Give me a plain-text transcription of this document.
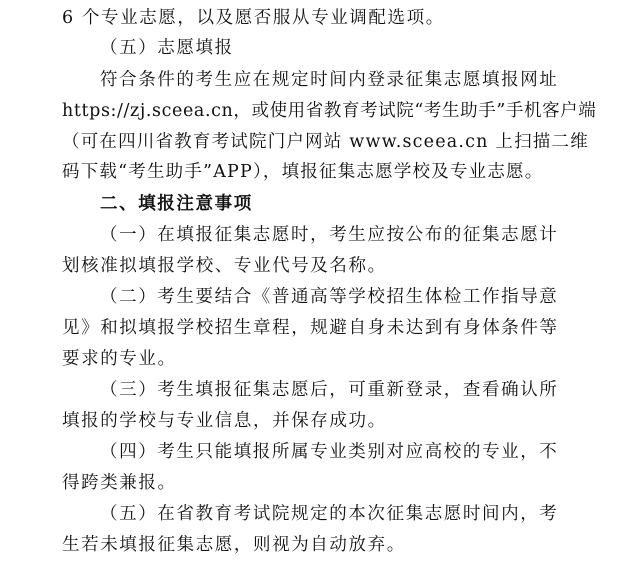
6 个专业志愿，以及愿否服从专业调配选项。
（五）志愿填报
符合条件的考生应在规定时间内登录征集志愿填报网址
https://zj.sceea.cn，或使用省教育考试院“考生助手”手机客户端
（可在四川省教育考试院门户网站 www.sceea.cn 上扫描二维
码下载“考生助手”APP），填报征集志愿学校及专业志愿。
二、填报注意事项
（一）在填报征集志愿时，考生应按公布的征集志愿计
划核准拟填报学校、专业代号及名称。
（二）考生要结合《普通高等学校招生体检工作指导意
见》和拟填报学校招生章程，规避自身未达到有身体条件等
要求的专业。
（三）考生填报征集志愿后，可重新登录，查看确认所
填报的学校与专业信息，并保存成功。
（四）考生只能填报所属专业类别对应高校的专业，不
得跨类兼报。
（五）在省教育考试院规定的本次征集志愿时间内，考
生若未填报征集志愿，则视为自动放弃。
